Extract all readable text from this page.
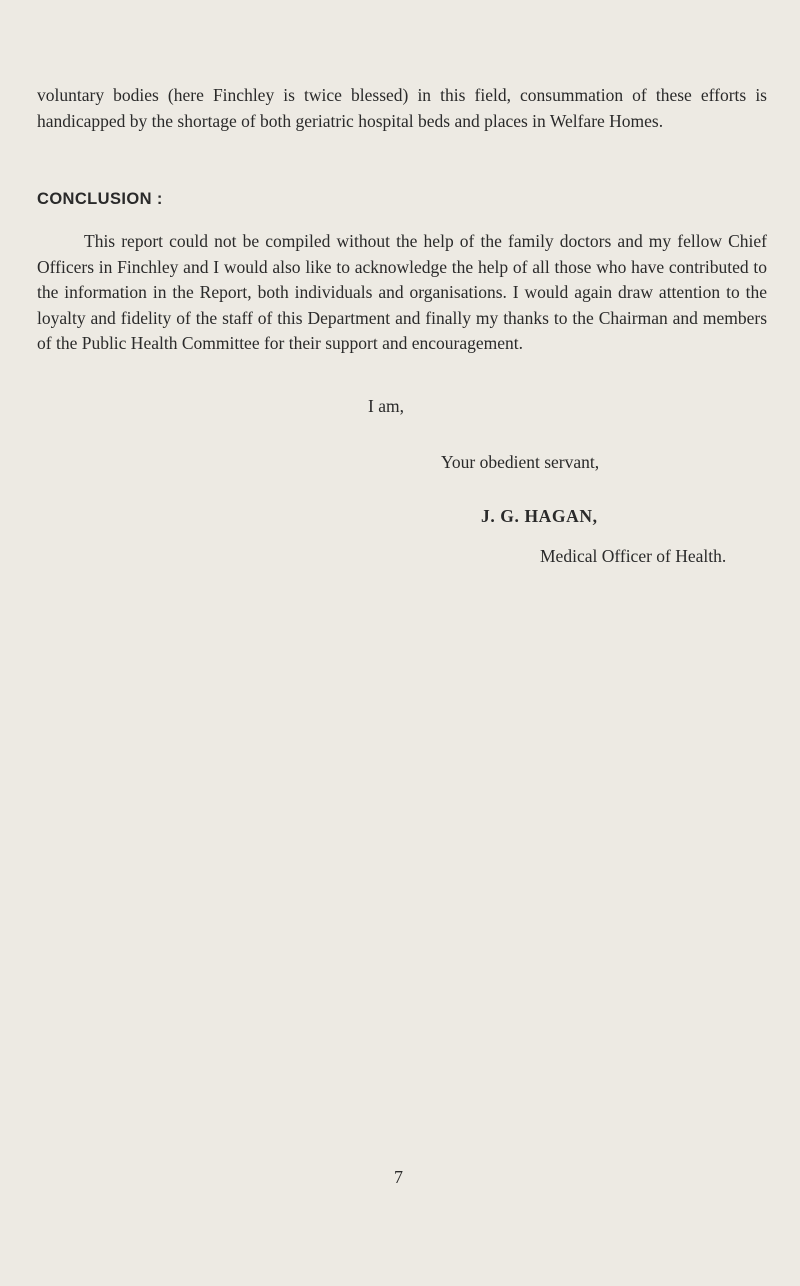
voluntary bodies (here Finchley is twice blessed) in this field, consummation of these efforts is handicapped by the shortage of both geriatric hospital beds and places in Welfare Homes.

CONCLUSION :

This report could not be compiled without the help of the family doctors and my fellow Chief Officers in Finchley and I would also like to acknowledge the help of all those who have contributed to the information in the Report, both individuals and organisations. I would again draw attention to the loyalty and fidelity of the staff of this Department and finally my thanks to the Chairman and members of the Public Health Committee for their support and encouragement.

I am,

Your obedient servant,

J. G. HAGAN,

Medical Officer of Health.

7
